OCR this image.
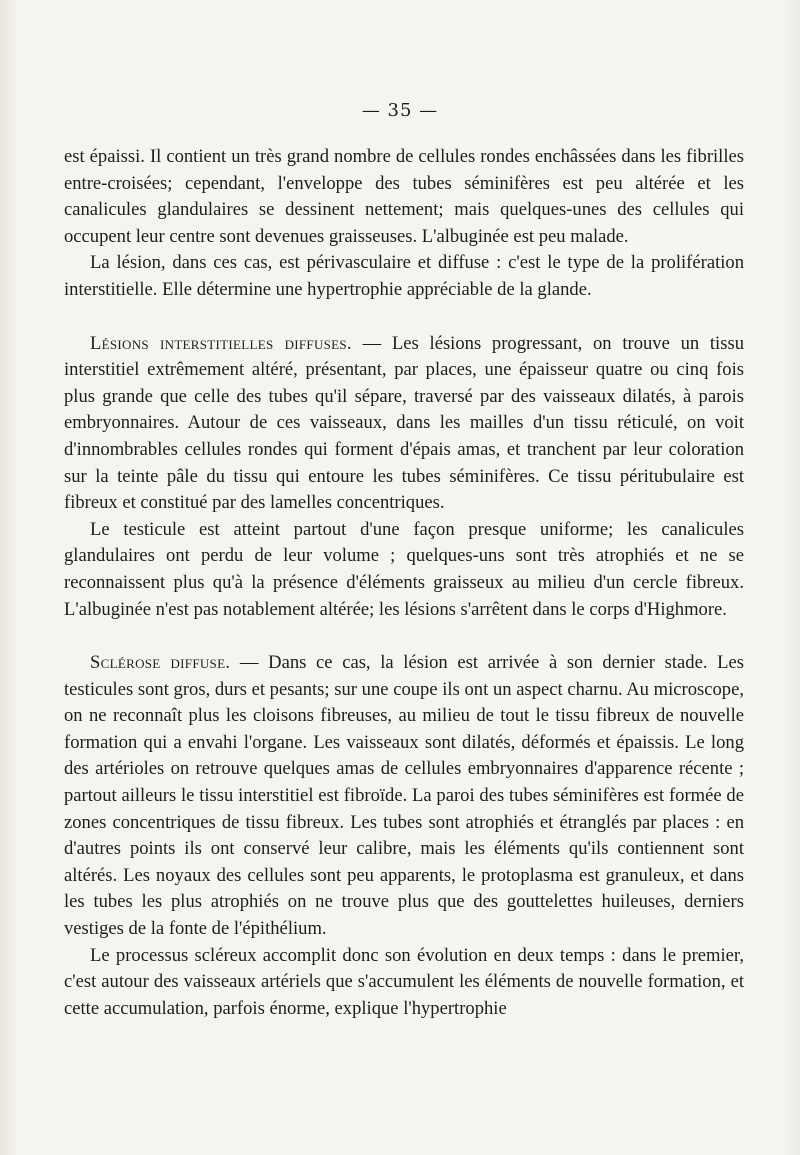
— 35 —

est épaissi. Il contient un très grand nombre de cellules rondes enchâssées dans les fibrilles entre-croisées; cependant, l'enveloppe des tubes séminifères est peu altérée et les canalicules glandulaires se dessinent nettement; mais quelques-unes des cellules qui occupent leur centre sont devenues graisseuses. L'albuginée est peu malade.

La lésion, dans ces cas, est périvasculaire et diffuse : c'est le type de la prolifération interstitielle. Elle détermine une hypertrophie appréciable de la glande.

Lésions interstitielles diffuses. — Les lésions progressant, on trouve un tissu interstitiel extrêmement altéré, présentant, par places, une épaisseur quatre ou cinq fois plus grande que celle des tubes qu'il sépare, traversé par des vaisseaux dilatés, à parois embryonnaires. Autour de ces vaisseaux, dans les mailles d'un tissu réticulé, on voit d'innombrables cellules rondes qui forment d'épais amas, et tranchent par leur coloration sur la teinte pâle du tissu qui entoure les tubes séminifères. Ce tissu péritubulaire est fibreux et constitué par des lamelles concentriques.

Le testicule est atteint partout d'une façon presque uniforme; les canalicules glandulaires ont perdu de leur volume ; quelques-uns sont très atrophiés et ne se reconnaissent plus qu'à la présence d'éléments graisseux au milieu d'un cercle fibreux. L'albuginée n'est pas notablement altérée; les lésions s'arrêtent dans le corps d'Highmore.

Sclérose diffuse. — Dans ce cas, la lésion est arrivée à son dernier stade. Les testicules sont gros, durs et pesants; sur une coupe ils ont un aspect charnu. Au microscope, on ne reconnaît plus les cloisons fibreuses, au milieu de tout le tissu fibreux de nouvelle formation qui a envahi l'organe. Les vaisseaux sont dilatés, déformés et épaissis. Le long des artérioles on retrouve quelques amas de cellules embryonnaires d'apparence récente ; partout ailleurs le tissu interstitiel est fibroïde. La paroi des tubes séminifères est formée de zones concentriques de tissu fibreux. Les tubes sont atrophiés et étranglés par places : en d'autres points ils ont conservé leur calibre, mais les éléments qu'ils contiennent sont altérés. Les noyaux des cellules sont peu apparents, le protoplasma est granuleux, et dans les tubes les plus atrophiés on ne trouve plus que des gouttelettes huileuses, derniers vestiges de la fonte de l'épithélium.

Le processus scléreux accomplit donc son évolution en deux temps : dans le premier, c'est autour des vaisseaux artériels que s'accumulent les éléments de nouvelle formation, et cette accumulation, parfois énorme, explique l'hypertrophie
